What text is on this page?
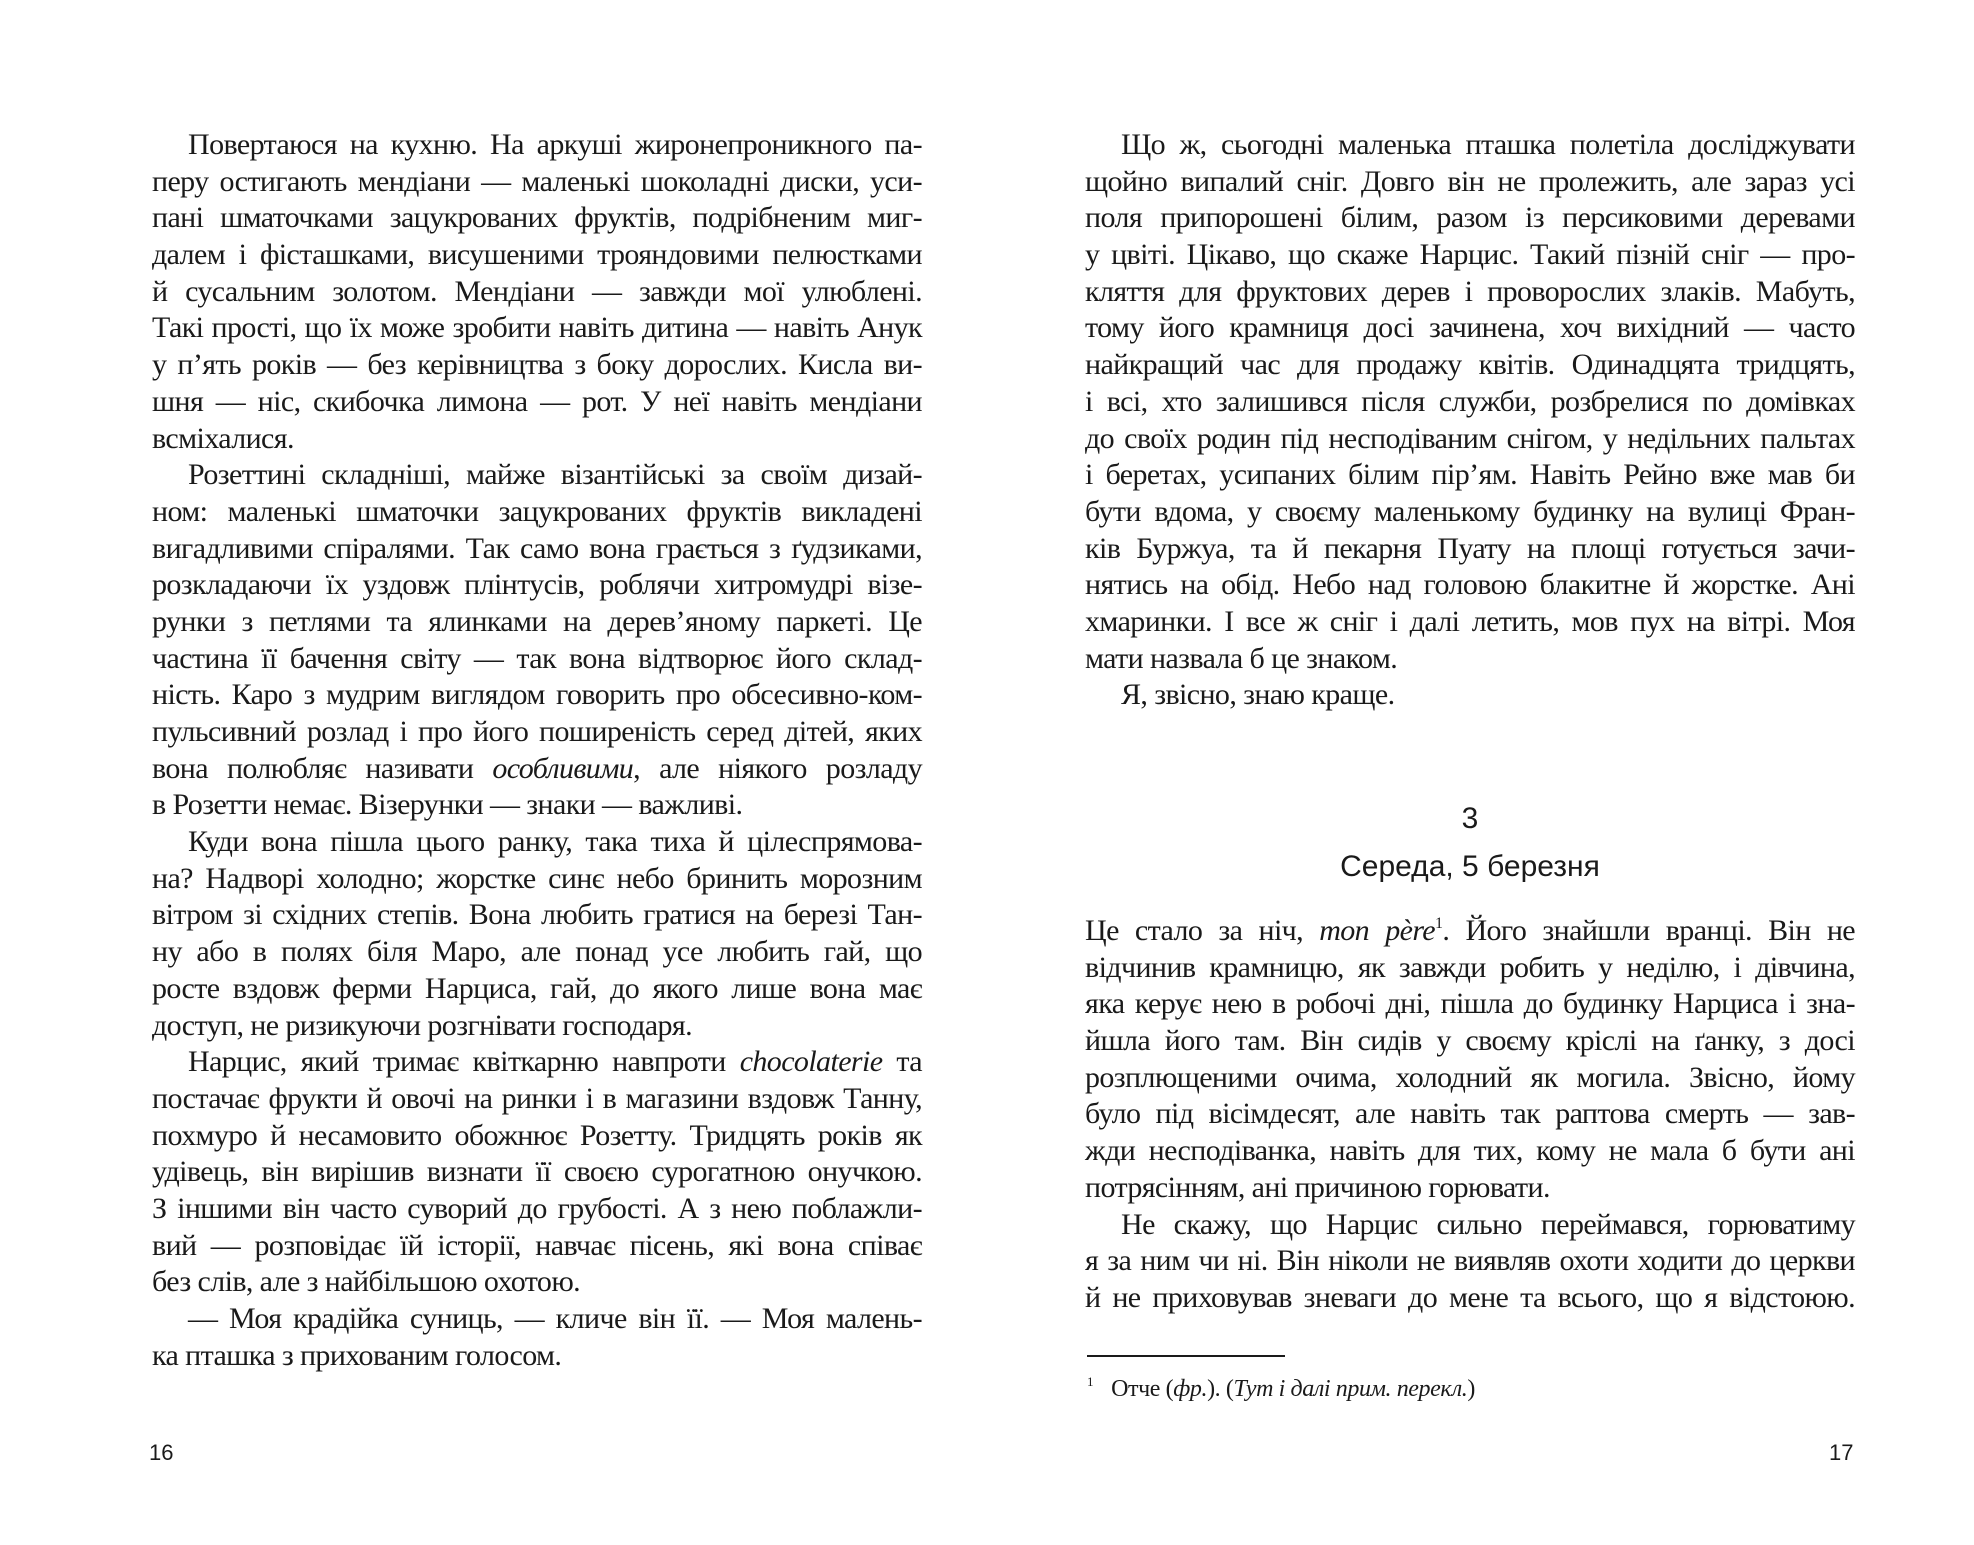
Повертаюся на кухню. На аркуші жиронепроникного па-
перу остигають мендіани — маленькі шоколадні диски, уси-
пані шматочками зацукрованих фруктів, подрібненим миг-
далем і фісташками, висушеними трояндовими пелюстками
й сусальним золотом. Мендіани — завжди мої улюблені.
Такі прості, що їх може зробити навіть дитина — навіть Анук
у п’ять років — без керівництва з боку дорослих. Кисла ви-
шня — ніс, скибочка лимона — рот. У неї навіть мендіани
всміхалися.
Розеттині складніші, майже візантійські за своїм дизай-
ном: маленькі шматочки зацукрованих фруктів викладені
вигадливими спіралями. Так само вона грається з ґудзиками,
розкладаючи їх уздовж плінтусів, роблячи хитромудрі візе-
рунки з петлями та ялинками на дерев’яному паркеті. Це
частина її бачення світу — так вона відтворює його склад-
ність. Каро з мудрим виглядом говорить про обсесивно-ком-
пульсивний розлад і про його поширеність серед дітей, яких
вона полюбляє називати особливими, але ніякого розладу
в Розетти немає. Візерунки — знаки — важливі.
Куди вона пішла цього ранку, така тиха й цілеспрямова-
на? Надворі холодно; жорстке синє небо бринить морозним
вітром зі східних степів. Вона любить гратися на березі Тан-
ну або в полях біля Маро, але понад усе любить гай, що
росте вздовж ферми Нарциса, гай, до якого лише вона має
доступ, не ризикуючи розгнівати господаря.
Нарцис, який тримає квіткарню навпроти chocolaterie та
постачає фрукти й овочі на ринки і в магазини вздовж Танну,
похмуро й несамовито обожнює Розетту. Тридцять років як
удівець, він вирішив визнати її своєю сурогатною онучкою.
З іншими він часто суворий до грубості. А з нею поблажли-
вий — розповідає їй історії, навчає пісень, які вона співає
без слів, але з найбільшою охотою.
— Моя крадійка суниць, — кличе він її. — Моя малень-
ка пташка з прихованим голосом.
16
Що ж, сьогодні маленька пташка полетіла досліджувати
щойно випалий сніг. Довго він не пролежить, але зараз усі
поля припорошені білим, разом із персиковими деревами
у цвіті. Цікаво, що скаже Нарцис. Такий пізній сніг — про-
кляття для фруктових дерев і проворослих злаків. Мабуть,
тому його крамниця досі зачинена, хоч вихідний — часто
найкращий час для продажу квітів. Одинадцята тридцять,
і всі, хто залишився після служби, розбрелися по домівках
до своїх родин під несподіваним снігом, у недільних пальтах
і беретах, усипаних білим пір’ям. Навіть Рейно вже мав би
бути вдома, у своєму маленькому будинку на вулиці Фран-
ків Буржуа, та й пекарня Пуату на площі готується зачи-
нятись на обід. Небо над головою блакитне й жорстке. Ані
хмаринки. І все ж сніг і далі летить, мов пух на вітрі. Моя
мати назвала б це знаком.
Я, звісно, знаю краще.
3
Середа, 5 березня
Це стало за ніч, mon père$^1$. Його знайшли вранці. Він не
відчинив крамницю, як завжди робить у неділю, і дівчина,
яка керує нею в робочі дні, пішла до будинку Нарциса і зна-
йшла його там. Він сидів у своєму кріслі на ґанку, з досі
розплющеними очима, холодний як могила. Звісно, йому
було під вісімдесят, але навіть так раптова смерть — зав-
жди несподіванка, навіть для тих, кому не мала б бути ані
потрясінням, ані причиною горювати.
Не скажу, що Нарцис сильно переймався, горюватиму
я за ним чи ні. Він ніколи не виявляв охоти ходити до церкви
й не приховував зневаги до мене та всього, що я відстоюю.
$^1$ Отче (фр.). (Тут і далі прим. перекл.)
17
